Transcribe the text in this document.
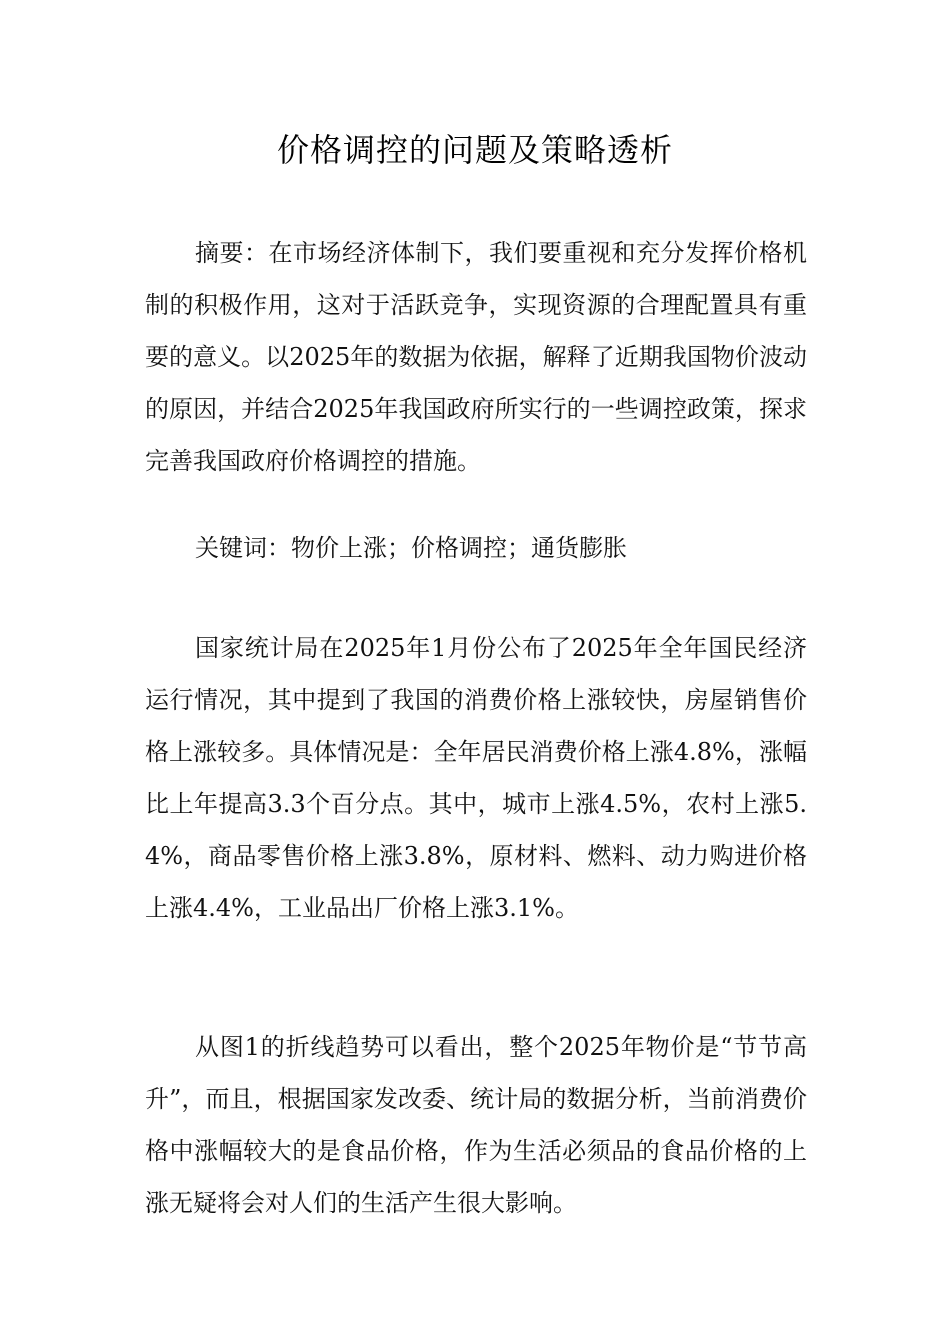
价格调控的问题及策略透析

摘要：在市场经济体制下，我们要重视和充分发挥价格机制的积极作用，这对于活跃竞争，实现资源的合理配置具有重要的意义。以2025年的数据为依据，解释了近期我国物价波动的原因，并结合2025年我国政府所实行的一些调控政策，探求完善我国政府价格调控的措施。

关键词：物价上涨；价格调控；通货膨胀

国家统计局在2025年1月份公布了2025年全年国民经济运行情况，其中提到了我国的消费价格上涨较快，房屋销售价格上涨较多。具体情况是：全年居民消费价格上涨4.8%，涨幅比上年提高3.3个百分点。其中，城市上涨4.5%，农村上涨5.4%，商品零售价格上涨3.8%，原材料、燃料、动力购进价格上涨4.4%，工业品出厂价格上涨3.1%。

从图1的折线趋势可以看出，整个2025年物价是“节节高升”，而且，根据国家发改委、统计局的数据分析，当前消费价格中涨幅较大的是食品价格，作为生活必须品的食品价格的上涨无疑将会对人们的生活产生很大影响。
